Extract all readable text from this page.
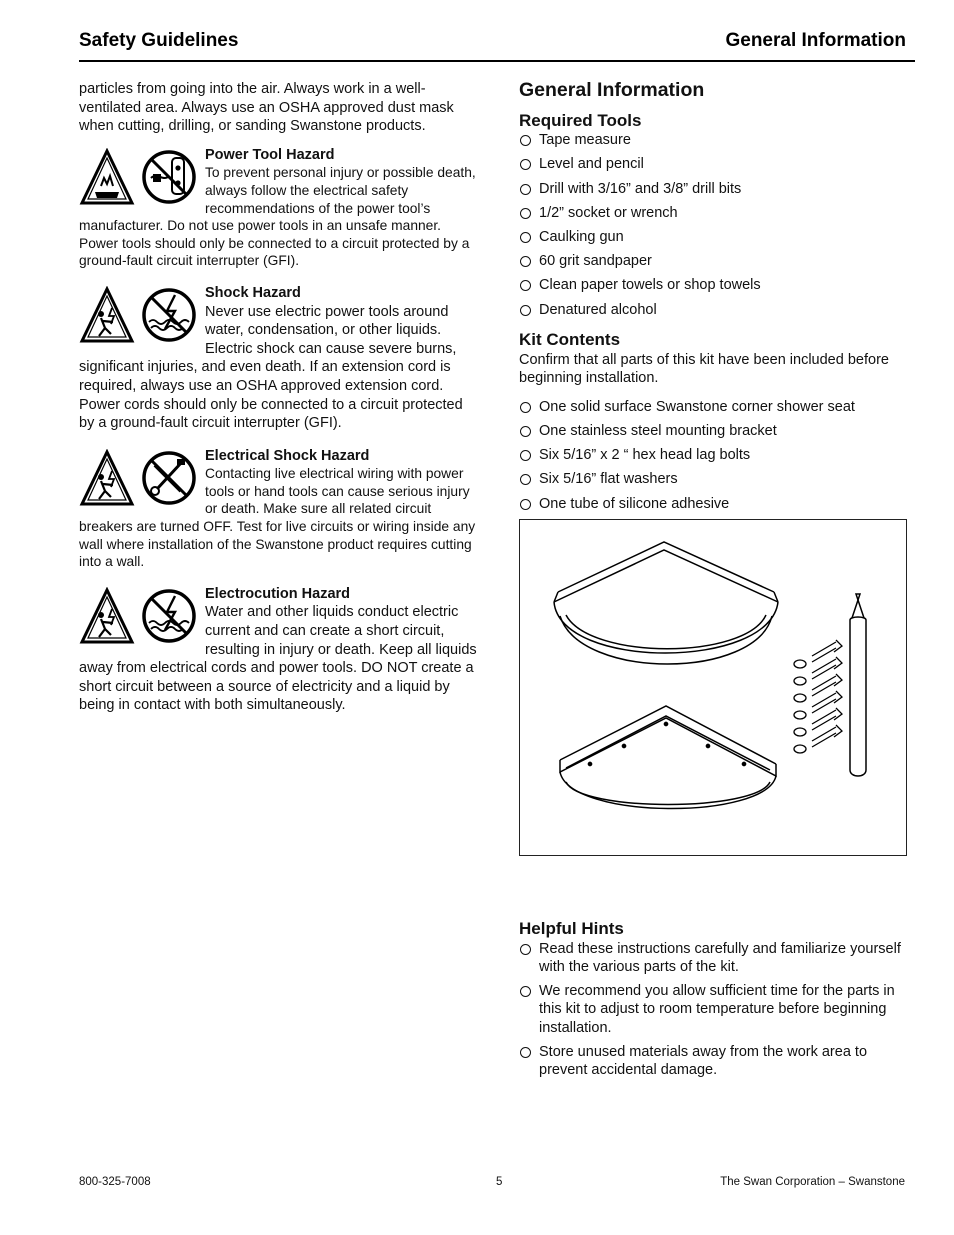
Safety Guidelines	General Information

particles from going into the air. Always work in a well-ventilated area. Always use an OSHA approved dust mask when cutting, drilling, or sanding Swanstone products.

Power Tool Hazard
To prevent personal injury or possible death, always follow the electrical safety recommendations of the power tool’s manufacturer. Do not use power tools in an unsafe manner. Power tools should only be connected to a circuit protected by a ground-fault circuit interrupter (GFI).
Shock Hazard
Never use electric power tools around water, condensation, or other liquids. Electric shock can cause severe burns, significant injuries, and even death. If an extension cord is required, always use an OSHA approved extension cord. Power cords should only be connected to a circuit protected by a ground-fault circuit interrupter (GFI).
Electrical Shock Hazard
Contacting live electrical wiring with power tools or hand tools can cause serious injury or death. Make sure all related circuit breakers are turned OFF. Test for live circuits or wiring inside any wall where installation of the Swanstone product requires cutting into a wall.
Electrocution Hazard
Water and other liquids conduct electric current and can create a short circuit, resulting in injury or death. Keep all liquids away from electrical cords and power tools. DO NOT create a short circuit between a source of electricity and a liquid by being in contact with both simultaneously.
General Information
Required Tools
Tape measure
Level and pencil
Drill with 3/16” and 3/8” drill bits
1/2” socket or wrench
Caulking gun
60 grit sandpaper
Clean paper towels or shop towels
Denatured alcohol
Kit Contents

Confirm that all parts of this kit have been included before beginning installation.

One solid surface Swanstone corner shower seat
One stainless steel mounting bracket
Six 5/16” x 2 “ hex head lag bolts
Six 5/16” flat washers
One tube of silicone adhesive
Helpful Hints
Read these instructions carefully and familiarize yourself with the various parts of the kit.
We recommend you allow sufficient time for the parts in this kit to adjust to room temperature before beginning installation.
Store unused materials away from the work area to prevent accidental damage.
800-325-7008	5	The Swan Corporation – Swanstone
